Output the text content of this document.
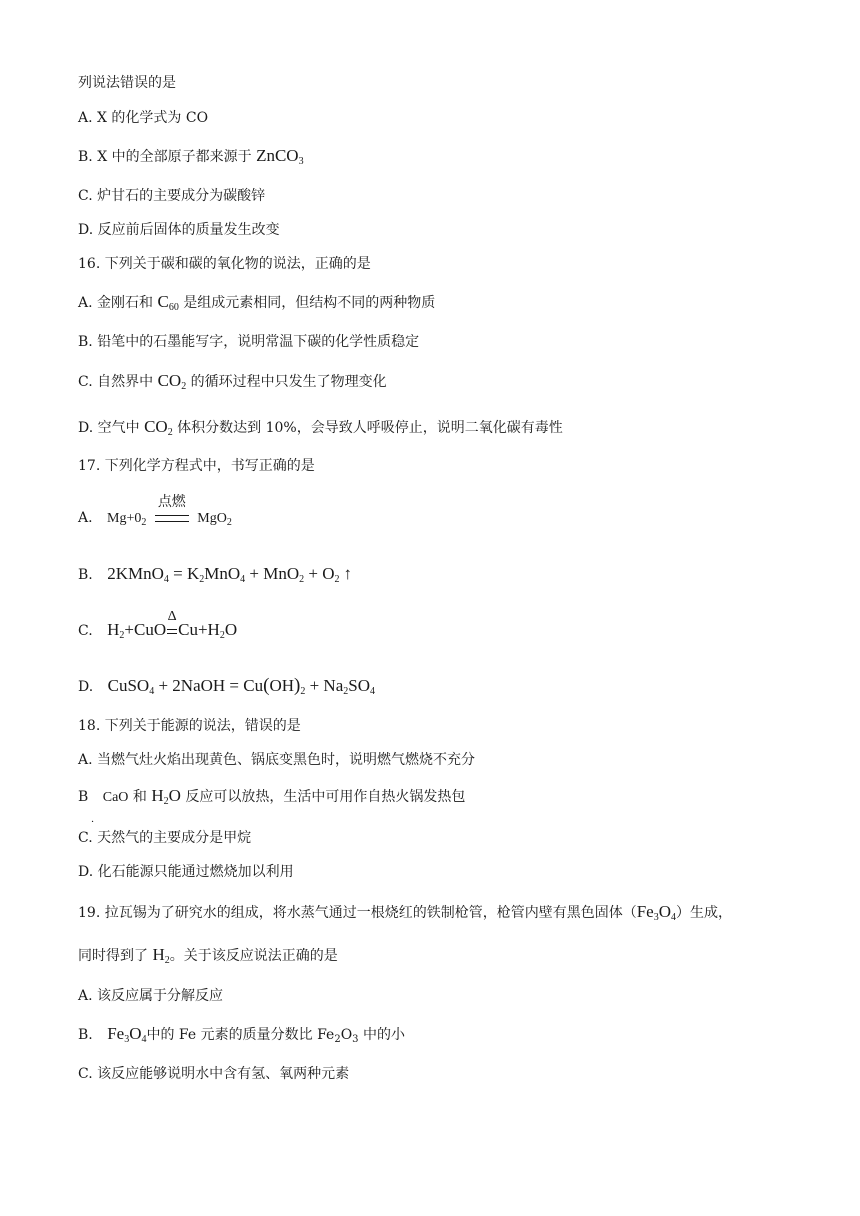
列说法错误的是
A. X 的化学式为 CO
B. X 中的全部原子都来源于 ZnCO$_3$
C. 炉甘石的主要成分为碳酸锌
D. 反应前后固体的质量发生改变
16. 下列关于碳和碳的氧化物的说法，正确的是
A. 金刚石和 $C_{60}$ 是组成元素相同，但结构不同的两种物质
B. 铅笔中的石墨能写字，说明常温下碳的化学性质稳定
C. 自然界中 $CO_2$ 的循环过程中只发生了物理变化
D. 空气中 $CO_2$ 体积分数达到 10%，会导致人呼吸停止，说明二氧化碳有毒性
17. 下列化学方程式中，书写正确的是
A. $Mg+0_2$
点燃
MgO$_2$
B. 2KMnO$_4$ = $K_2MnO_4 + MnO_2 + O_2$ ↑
C. $H_2+CuO$
Δ
$Cu+H_2O$
D. CuSO$_4$ + 2NaOH = $Cu(OH)_2 + Na_2SO_4$
18. 下列关于能源的说法，错误的是
A. 当燃气灶火焰出现黄色、锅底变黑色时，说明燃气燃烧不充分
B CaO 和 $H_2O$ 反应可以放热，生活中可用作自热火锅发热包
．
C. 天然气的主要成分是甲烷
D. 化石能源只能通过燃烧加以利用
19. 拉瓦锡为了研究水的组成，将水蒸气通过一根烧红的铁制枪管，枪管内壁有黑色固体$(Fe_3O_4)$生成，
同时得到了 $H_2$。关于该反应说法正确的是
A. 该反应属于分解反应
B. $Fe_3O_4$中的 Fe 元素的质量分数比 $Fe_2O_3$ 中的小
C. 该反应能够说明水中含有氢、氧两种元素
